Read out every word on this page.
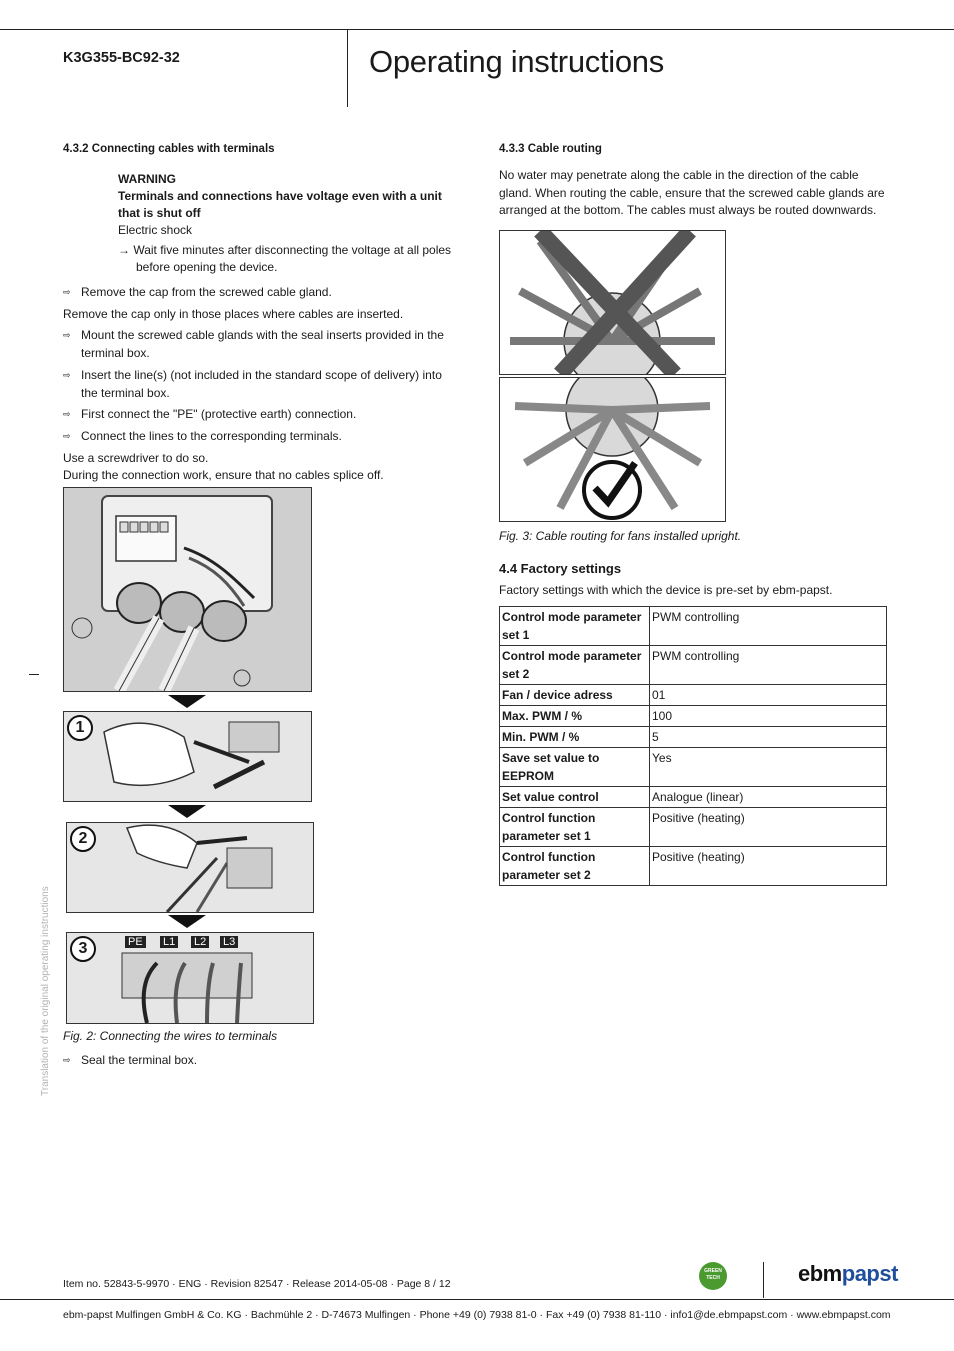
K3G355-BC92-32	Operating instructions
4.3.2 Connecting cables with terminals
WARNING
Terminals and connections have voltage even with a unit that is shut off
Electric shock
→ Wait five minutes after disconnecting the voltage at all poles before opening the device.
⇨ Remove the cap from the screwed cable gland.
Remove the cap only in those places where cables are inserted.
⇨ Mount the screwed cable glands with the seal inserts provided in the terminal box.
⇨ Insert the line(s) (not included in the standard scope of delivery) into the terminal box.
⇨ First connect the "PE" (protective earth) connection.
⇨ Connect the lines to the corresponding terminals.
Use a screwdriver to do so.
During the connection work, ensure that no cables splice off.
1
2
3	PE L1 L2 L3
Fig. 2: Connecting the wires to terminals
⇨ Seal the terminal box.
4.3.3 Cable routing
No water may penetrate along the cable in the direction of the cable gland. When routing the cable, ensure that the screwed cable glands are arranged at the bottom. The cables must always be routed downwards.
Fig. 3: Cable routing for fans installed upright.
4.4 Factory settings
Factory settings with which the device is pre-set by ebm-papst.
Control mode parameter set 1	PWM controlling
Control mode parameter set 2	PWM controlling
Fan / device adress	01
Max. PWM / %	100
Min. PWM / %	5
Save set value to EEPROM	Yes
Set value control	Analogue (linear)
Control function parameter set 1	Positive (heating)
Control function parameter set 2	Positive (heating)
Translation of the original operating instructions
Item no. 52843-5-9970 · ENG · Revision 82547 · Release 2014-05-08 · Page 8 / 12
GREEN TECH	ebmpapst
ebm-papst Mulfingen GmbH & Co. KG · Bachmühle 2 · D-74673 Mulfingen · Phone +49 (0) 7938 81-0 · Fax +49 (0) 7938 81-110 · info1@de.ebmpapst.com · www.ebmpapst.com
